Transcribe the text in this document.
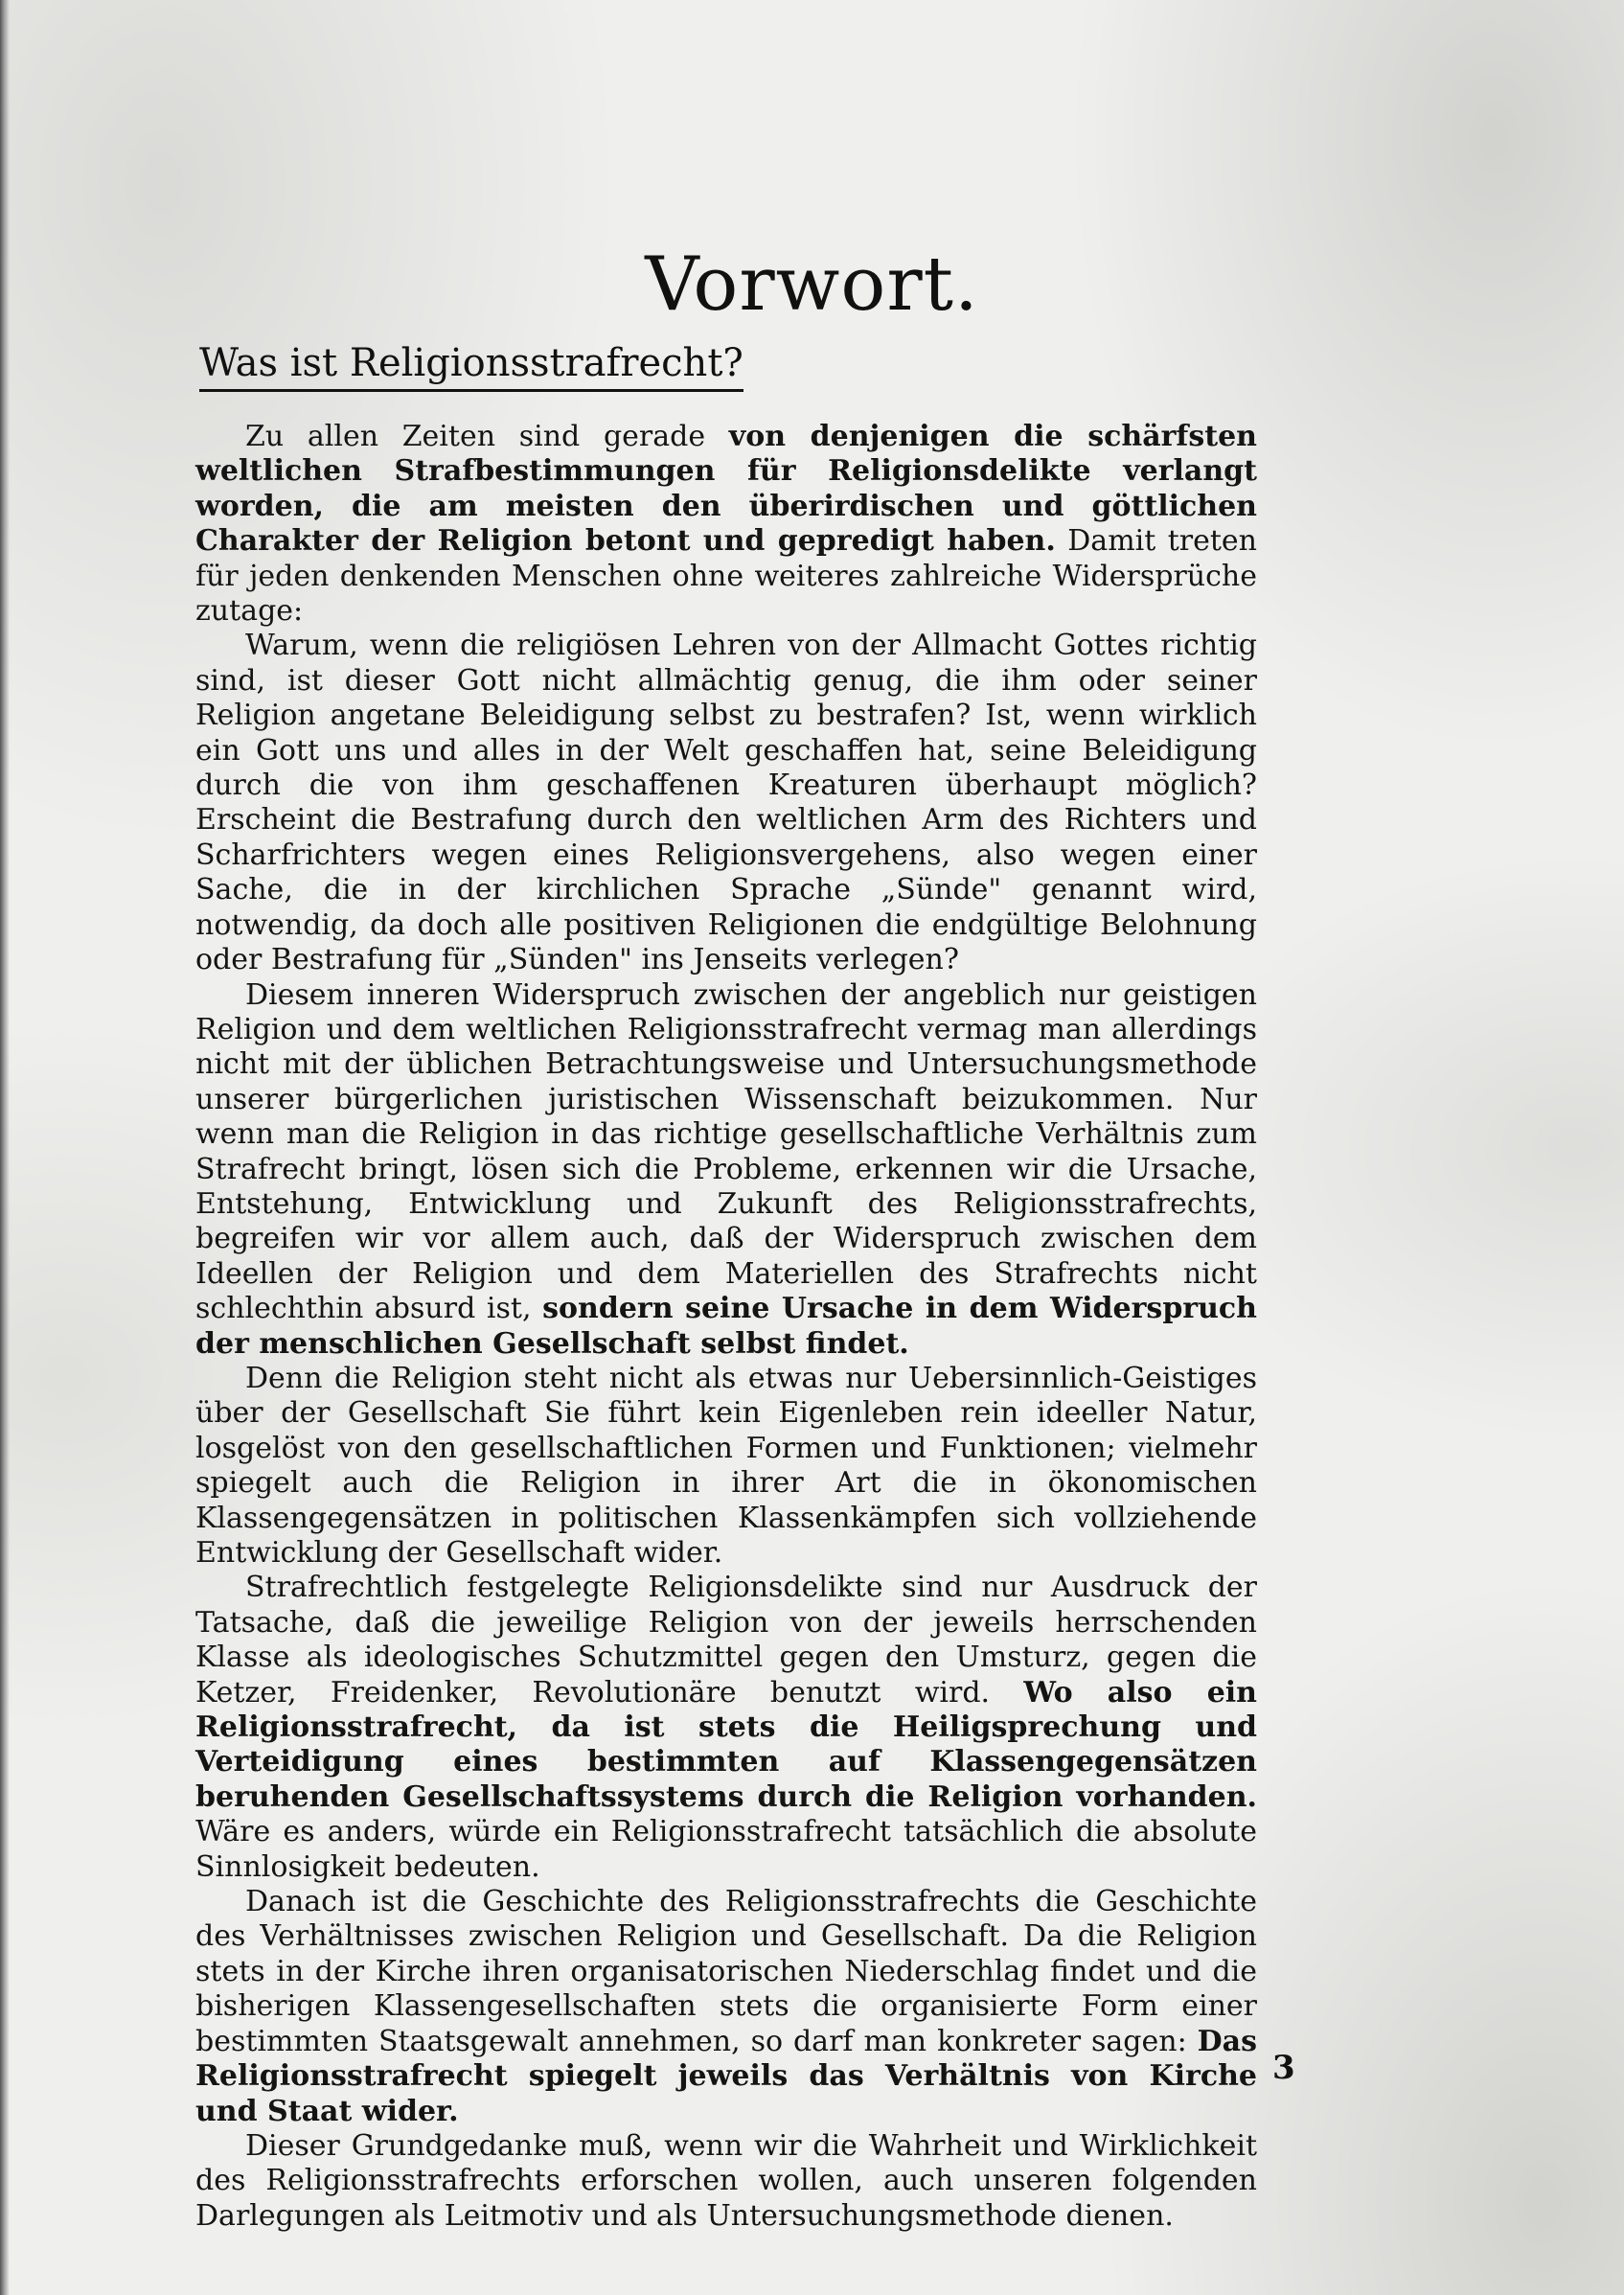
Vorwort.
Was ist Religionsstrafrecht?

Zu allen Zeiten sind gerade von denjenigen die schärfsten weltlichen Strafbestimmungen für Religionsdelikte verlangt worden, die am meisten den überirdischen und göttlichen Charakter der Religion betont und gepredigt haben. Damit treten für jeden denkenden Menschen ohne weiteres zahlreiche Widersprüche zutage:

Warum, wenn die religiösen Lehren von der Allmacht Gottes richtig sind, ist dieser Gott nicht allmächtig genug, die ihm oder seiner Religion angetane Beleidigung selbst zu bestrafen? Ist, wenn wirklich ein Gott uns und alles in der Welt geschaffen hat, seine Beleidigung durch die von ihm geschaffenen Kreaturen überhaupt möglich? Erscheint die Bestrafung durch den weltlichen Arm des Richters und Scharfrichters wegen eines Religionsvergehens, also wegen einer Sache, die in der kirchlichen Sprache „Sünde" genannt wird, notwendig, da doch alle positiven Religionen die endgültige Belohnung oder Bestrafung für „Sünden" ins Jenseits verlegen?

Diesem inneren Widerspruch zwischen der angeblich nur geistigen Religion und dem weltlichen Religionsstrafrecht vermag man allerdings nicht mit der üblichen Betrachtungsweise und Untersuchungsmethode unserer bürgerlichen juristischen Wissenschaft beizukommen. Nur wenn man die Religion in das richtige gesellschaftliche Verhältnis zum Strafrecht bringt, lösen sich die Probleme, erkennen wir die Ursache, Entstehung, Entwicklung und Zukunft des Religionsstrafrechts, begreifen wir vor allem auch, daß der Widerspruch zwischen dem Ideellen der Religion und dem Materiellen des Strafrechts nicht schlechthin absurd ist, sondern seine Ursache in dem Widerspruch der menschlichen Gesellschaft selbst findet.

Denn die Religion steht nicht als etwas nur Uebersinnlich-Geistiges über der Gesellschaft Sie führt kein Eigenleben rein ideeller Natur, losgelöst von den gesellschaftlichen Formen und Funktionen; vielmehr spiegelt auch die Religion in ihrer Art die in ökonomischen Klassengegensätzen in politischen Klassenkämpfen sich vollziehende Entwicklung der Gesellschaft wider.

Strafrechtlich festgelegte Religionsdelikte sind nur Ausdruck der Tatsache, daß die jeweilige Religion von der jeweils herrschenden Klasse als ideologisches Schutzmittel gegen den Umsturz, gegen die Ketzer, Freidenker, Revolutionäre benutzt wird. Wo also ein Religionsstrafrecht, da ist stets die Heiligsprechung und Verteidigung eines bestimmten auf Klassengegensätzen beruhenden Gesellschaftssystems durch die Religion vorhanden. Wäre es anders, würde ein Religionsstrafrecht tatsächlich die absolute Sinnlosigkeit bedeuten.

Danach ist die Geschichte des Religionsstrafrechts die Geschichte des Verhältnisses zwischen Religion und Gesellschaft. Da die Religion stets in der Kirche ihren organisatorischen Niederschlag findet und die bisherigen Klassengesellschaften stets die organisierte Form einer bestimmten Staatsgewalt annehmen, so darf man konkreter sagen: Das Religionsstrafrecht spiegelt jeweils das Verhältnis von Kirche und Staat wider.

Dieser Grundgedanke muß, wenn wir die Wahrheit und Wirklichkeit des Religionsstrafrechts erforschen wollen, auch unseren folgenden Darlegungen als Leitmotiv und als Untersuchungsmethode dienen.

3
